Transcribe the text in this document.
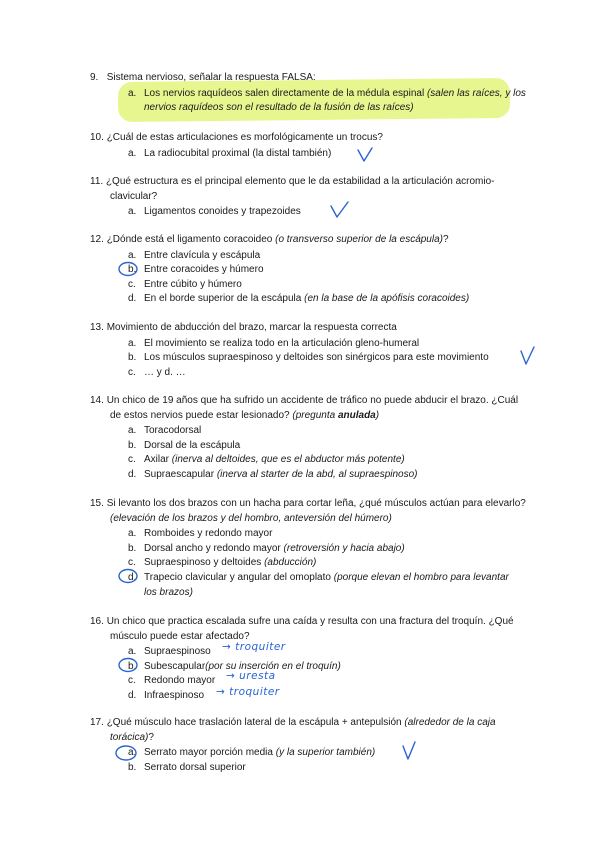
9. Sistema nervioso, señalar la respuesta FALSA:
a. Los nervios raquídeos salen directamente de la médula espinal (salen las raíces, y los nervios raquídeos son el resultado de la fusión de las raíces)
10. ¿Cuál de estas articulaciones es morfológicamente un trocus?
a. La radiocubital proximal (la distal también)
11. ¿Qué estructura es el principal elemento que le da estabilidad a la articulación acromio-clavicular?
a. Ligamentos conoides y trapezoides
12. ¿Dónde está el ligamento coracoideo (o transverso superior de la escápula)?
a. Entre clavícula y escápula
b. Entre coracoides y húmero
c. Entre cúbito y húmero
d. En el borde superior de la escápula (en la base de la apófisis coracoides)
13. Movimiento de abducción del brazo, marcar la respuesta correcta
a. El movimiento se realiza todo en la articulación gleno-humeral
b. Los músculos supraespinoso y deltoides son sinérgicos para este movimiento
c. … y d. …
14. Un chico de 19 años que ha sufrido un accidente de tráfico no puede abducir el brazo. ¿Cuál de estos nervios puede estar lesionado? (pregunta anulada)
a. Toracodorsal
b. Dorsal de la escápula
c. Axilar (inerva al deltoides, que es el abductor más potente)
d. Supraescapular (inerva al starter de la abd, al supraespinoso)
15. Si levanto los dos brazos con un hacha para cortar leña, ¿qué músculos actúan para elevarlo? (elevación de los brazos y del hombro, anteversión del húmero)
a. Romboides y redondo mayor
b. Dorsal ancho y redondo mayor (retroversión y hacia abajo)
c. Supraespinoso y deltoides (abducción)
d. Trapecio clavicular y angular del omoplato (porque elevan el hombro para levantar los brazos)
16. Un chico que practica escalada sufre una caída y resulta con una fractura del troquín. ¿Qué músculo puede estar afectado?
a. Supraespinoso
b. Subescapular(por su inserción en el troquín)
c. Redondo mayor
d. Infraespinoso
17. ¿Qué músculo hace traslación lateral de la escápula + antepulsión (alrededor de la caja torácica)?
a. Serrato mayor porción media (y la superior también)
b. Serrato dorsal superior
→ troquiter
→ uresta
→ troquiter
